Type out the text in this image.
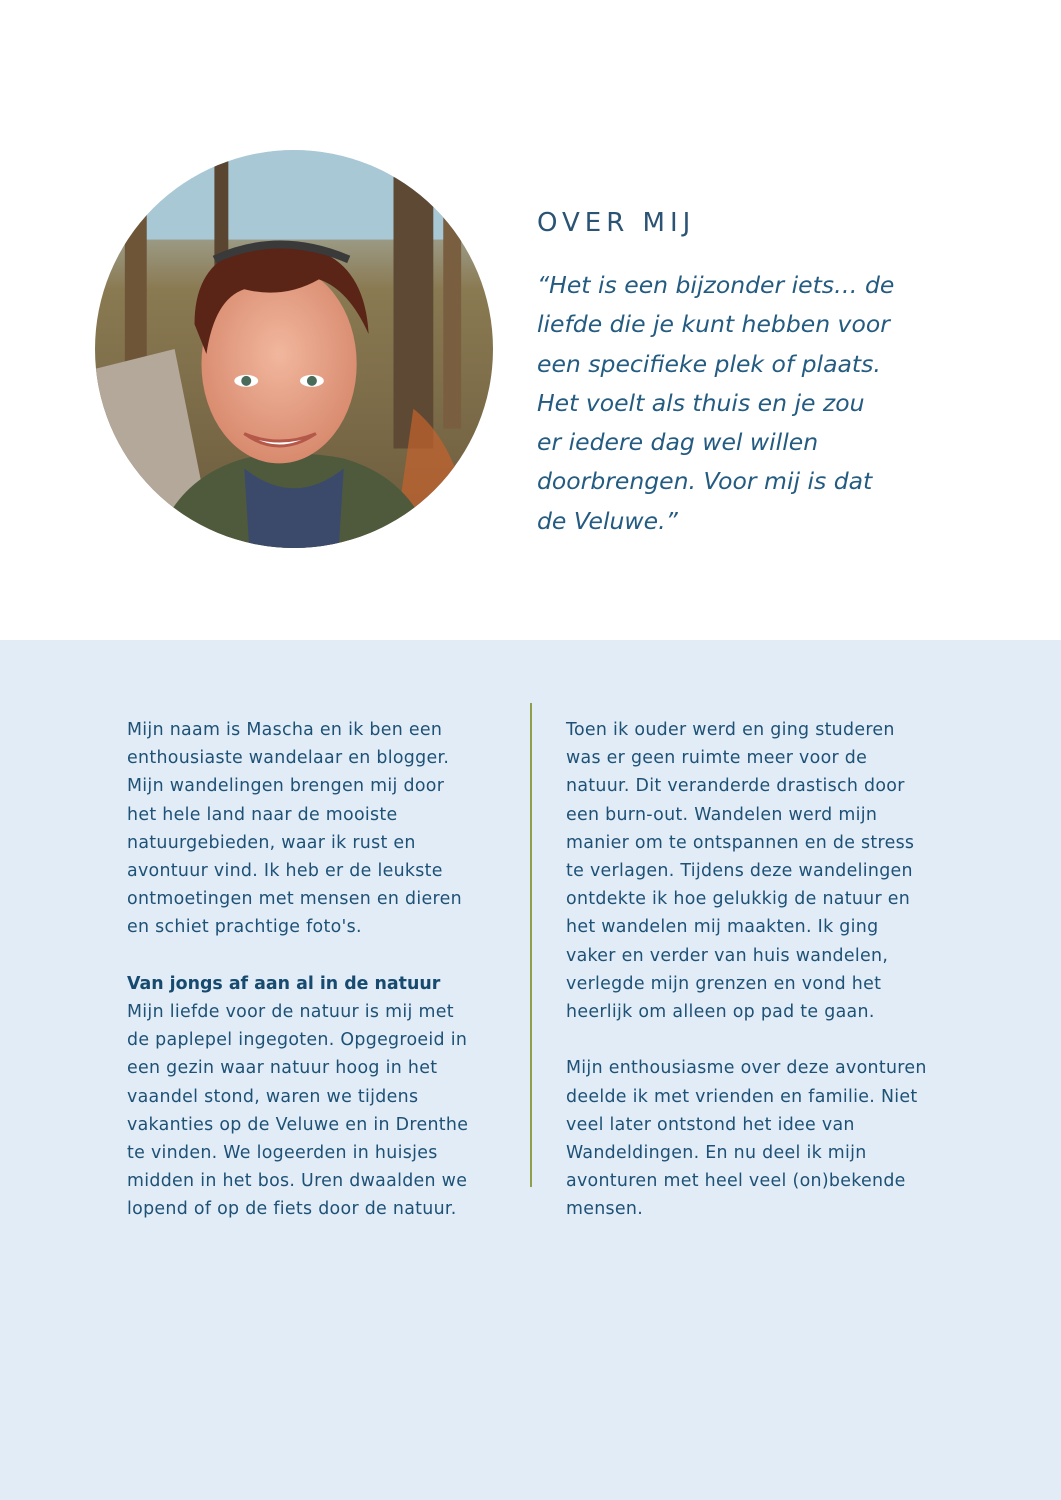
OVER MIJ
“Het is een bijzonder iets… de
liefde die je kunt hebben voor
een specifieke plek of plaats.
Het voelt als thuis en je zou
er iedere dag wel willen
doorbrengen. Voor mij is dat
de Veluwe.”
Mijn naam is Mascha en ik ben een
enthousiaste wandelaar en blogger.
Mijn wandelingen brengen mij door
het hele land naar de mooiste
natuurgebieden, waar ik rust en
avontuur vind. Ik heb er de leukste
ontmoetingen met mensen en dieren
en schiet prachtige foto's.
Van jongs af aan al in de natuur
Mijn liefde voor de natuur is mij met
de paplepel ingegoten. Opgegroeid in
een gezin waar natuur hoog in het
vaandel stond, waren we tijdens
vakanties op de Veluwe en in Drenthe
te vinden. We logeerden in huisjes
midden in het bos. Uren dwaalden we
lopend of op de fiets door de natuur.
Toen ik ouder werd en ging studeren
was er geen ruimte meer voor de
natuur. Dit veranderde drastisch door
een burn-out. Wandelen werd mijn
manier om te ontspannen en de stress
te verlagen. Tijdens deze wandelingen
ontdekte ik hoe gelukkig de natuur en
het wandelen mij maakten. Ik ging
vaker en verder van huis wandelen,
verlegde mijn grenzen en vond het
heerlijk om alleen op pad te gaan.
Mijn enthousiasme over deze avonturen
deelde ik met vrienden en familie. Niet
veel later ontstond het idee van
Wandeldingen. En nu deel ik mijn
avonturen met heel veel (on)bekende
mensen.
